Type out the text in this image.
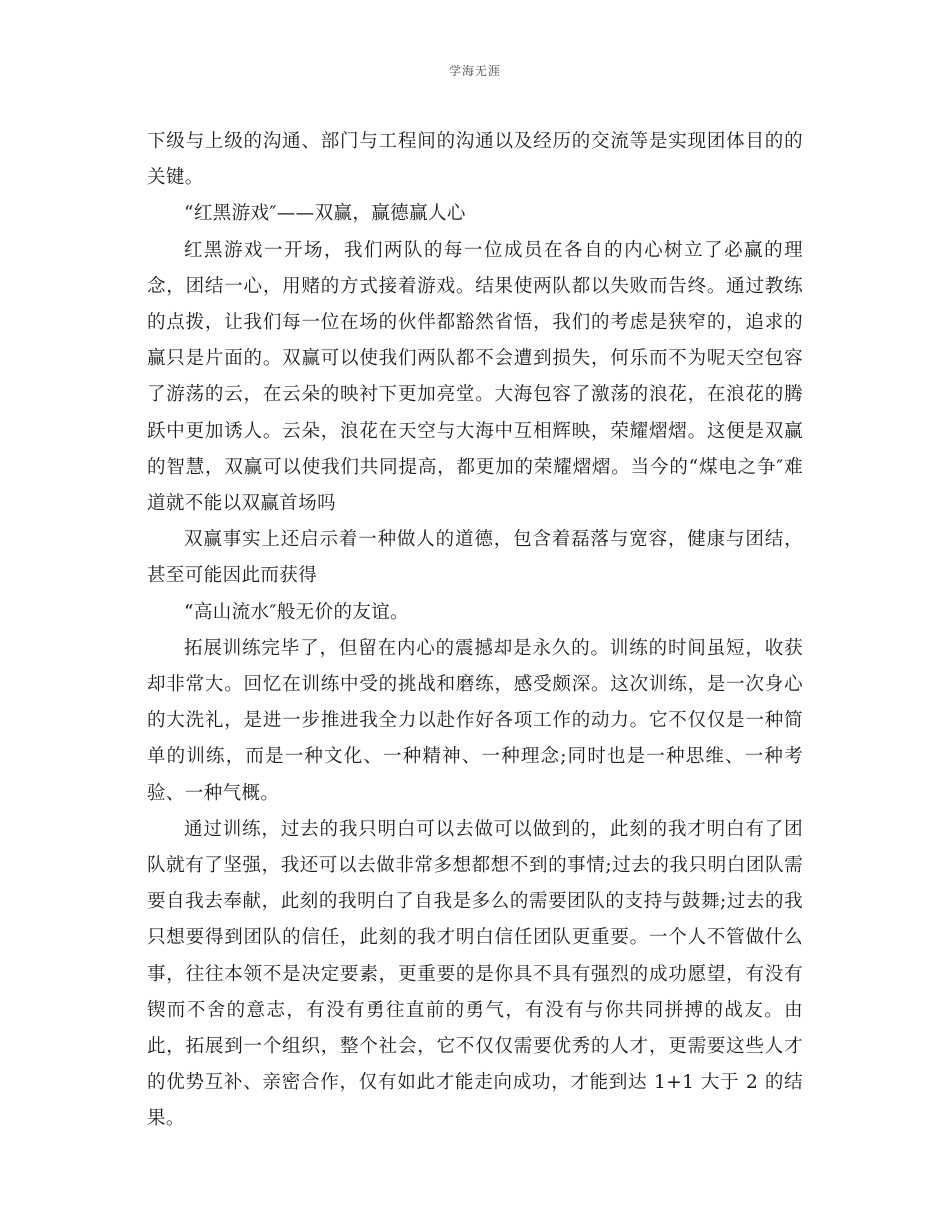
学海无涯

下级与上级的沟通、部门与工程间的沟通以及经历的交流等是实现团体目的的关键。

“红黑游戏″——双赢，赢德赢人心

红黑游戏一开场，我们两队的每一位成员在各自的内心树立了必赢的理念，团结一心，用赌的方式接着游戏。结果使两队都以失败而告终。通过教练的点拨，让我们每一位在场的伙伴都豁然省悟，我们的考虑是狭窄的，追求的赢只是片面的。双赢可以使我们两队都不会遭到损失，何乐而不为呢天空包容了游荡的云，在云朵的映衬下更加亮堂。大海包容了激荡的浪花，在浪花的腾跃中更加诱人。云朵，浪花在天空与大海中互相辉映，荣耀熠熠。这便是双赢的智慧，双赢可以使我们共同提高，都更加的荣耀熠熠。当今的“煤电之争″难道就不能以双赢首场吗

双赢事实上还启示着一种做人的道德，包含着磊落与宽容，健康与团结，甚至可能因此而获得

“高山流水″般无价的友谊。

拓展训练完毕了，但留在内心的震撼却是永久的。训练的时间虽短，收获却非常大。回忆在训练中受的挑战和磨练，感受颇深。这次训练，是一次身心的大洗礼，是进一步推进我全力以赴作好各项工作的动力。它不仅仅是一种简单的训练，而是一种文化、一种精神、一种理念;同时也是一种思维、一种考验、一种气概。

通过训练，过去的我只明白可以去做可以做到的，此刻的我才明白有了团队就有了坚强，我还可以去做非常多想都想不到的事情;过去的我只明白团队需要自我去奉献，此刻的我明白了自我是多么的需要团队的支持与鼓舞;过去的我只想要得到团队的信任，此刻的我才明白信任团队更重要。一个人不管做什么事，往往本领不是决定要素，更重要的是你具不具有强烈的成功愿望，有没有锲而不舍的意志，有没有勇往直前的勇气，有没有与你共同拼搏的战友。由此，拓展到一个组织，整个社会，它不仅仅需要优秀的人才，更需要这些人才的优势互补、亲密合作，仅有如此才能走向成功，才能到达 1+1 大于 2 的结果。
